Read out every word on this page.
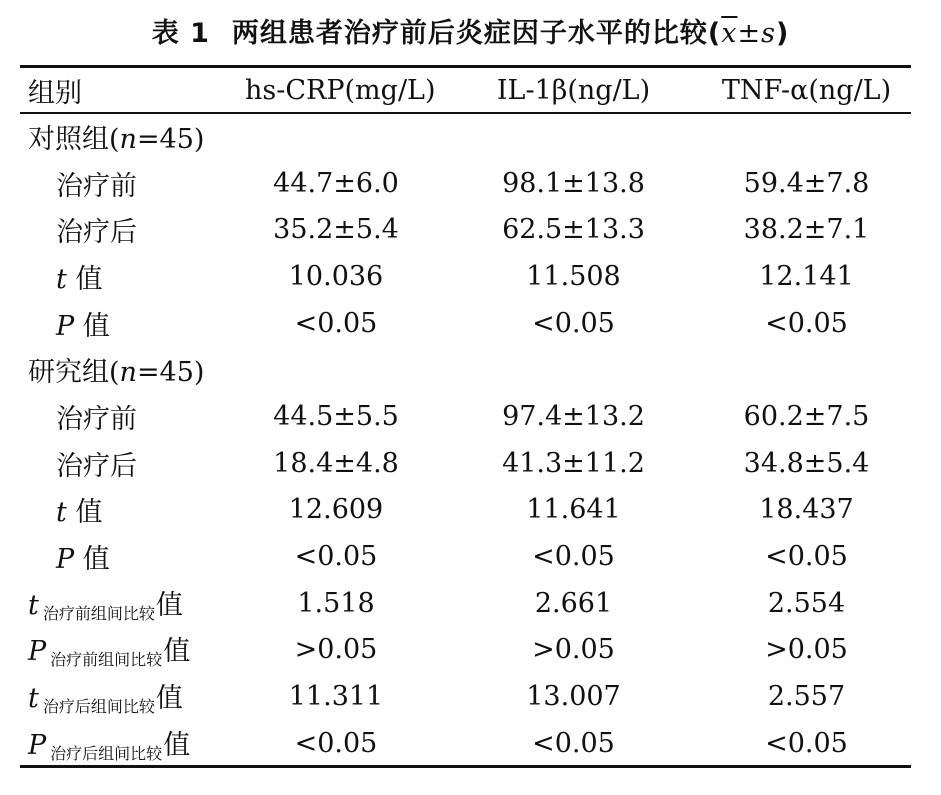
表 1 两组患者治疗前后炎症因子水平的比较$(\overline{x}\pm s)$
组别	hs-CRP(mg/L)	IL-1β(ng/L)	TNF-α(ng/L)
对照组(n=45)			
治疗前	44.7±6.0	98.1±13.8	59.4±7.8
治疗后	35.2±5.4	62.5±13.3	38.2±7.1
t 值	10.036	11.508	12.141
P 值	<0.05	<0.05	<0.05
研究组(n=45)			
治疗前	44.5±5.5	97.4±13.2	60.2±7.5
治疗后	18.4±4.8	41.3±11.2	34.8±5.4
t 值	12.609	11.641	18.437
P 值	<0.05	<0.05	<0.05
t $_{治疗前组间比较}$值	1.518	2.661	2.554
P $_{治疗前组间比较}$值	>0.05	>0.05	>0.05
t $_{治疗后组间比较}$值	11.311	13.007	2.557
P $_{治疗后组间比较}$值	<0.05	<0.05	<0.05
